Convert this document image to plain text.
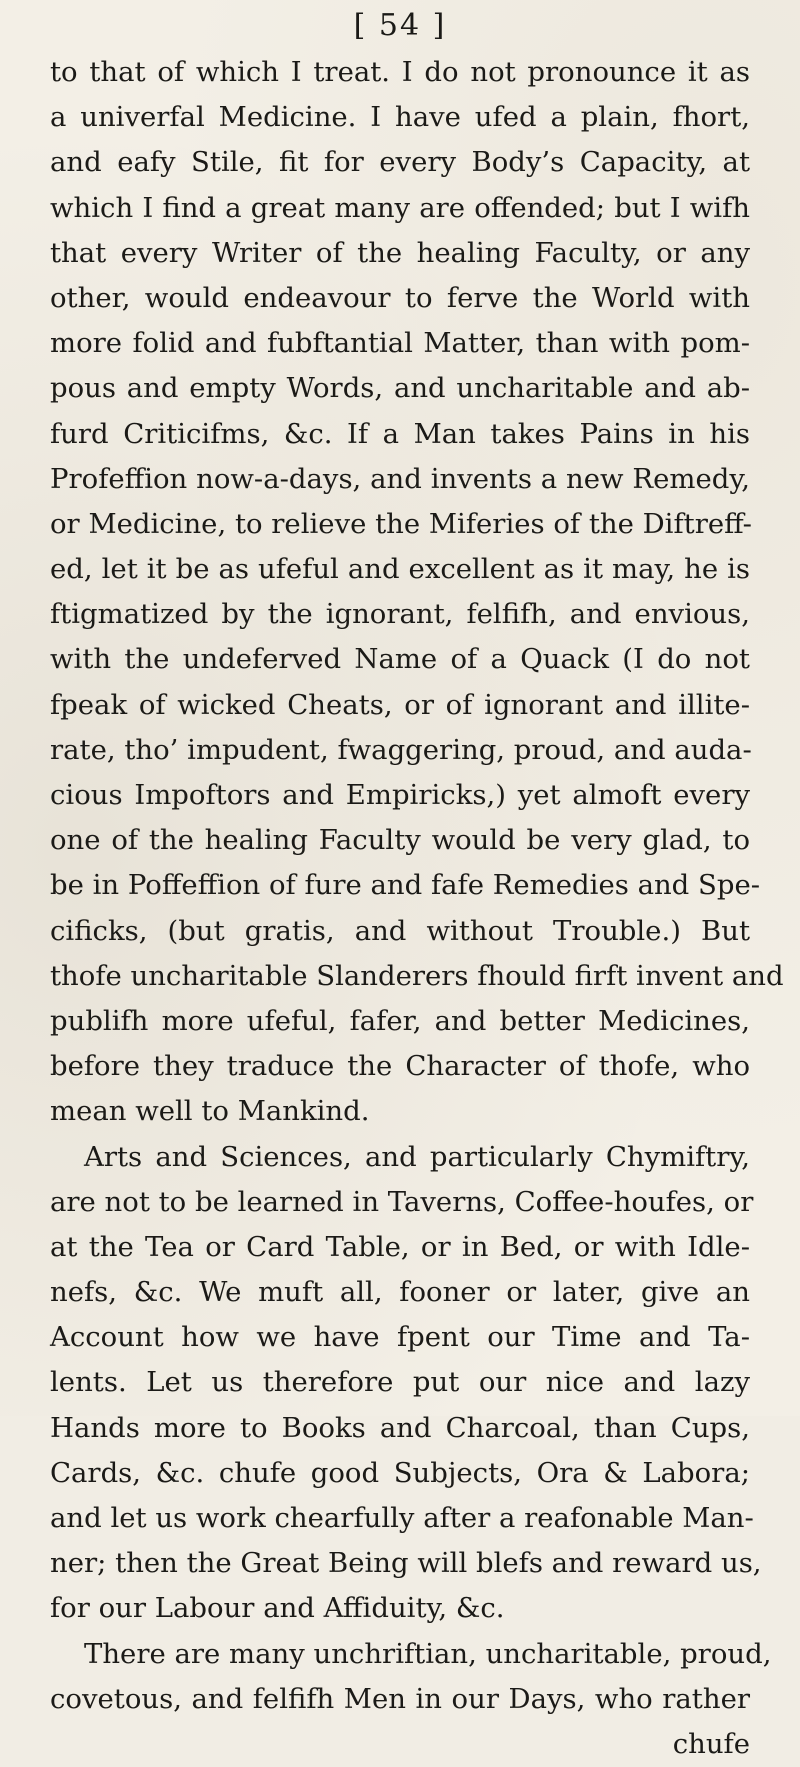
[ 54 ]
to that of which I treat. I do not pronounce it as
a univerfal Medicine. I have ufed a plain, fhort,
and eafy Stile, fit for every Body’s Capacity, at
which I find a great many are offended; but I wifh
that every Writer of the healing Faculty, or any
other, would endeavour to ferve the World with
more folid and fubftantial Matter, than with pom-
pous and empty Words, and uncharitable and ab-
furd Criticifms, &c. If a Man takes Pains in his
Profeffion now-a-days, and invents a new Remedy,
or Medicine, to relieve the Miferies of the Diftreff-
ed, let it be as ufeful and excellent as it may, he is
ftigmatized by the ignorant, felfifh, and envious,
with the undeferved Name of a Quack (I do not
fpeak of wicked Cheats, or of ignorant and illite-
rate, tho’ impudent, fwaggering, proud, and auda-
cious Impoftors and Empiricks,) yet almoft every
one of the healing Faculty would be very glad, to
be in Poffeffion of fure and fafe Remedies and Spe-
cificks, (but gratis, and without Trouble.) But
thofe uncharitable Slanderers fhould firft invent and
publifh more ufeful, fafer, and better Medicines,
before they traduce the Character of thofe, who
mean well to Mankind.
Arts and Sciences, and particularly Chymiftry,
are not to be learned in Taverns, Coffee-houfes, or
at the Tea or Card Table, or in Bed, or with Idle-
nefs, &c. We muft all, fooner or later, give an
Account how we have fpent our Time and Ta-
lents. Let us therefore put our nice and lazy
Hands more to Books and Charcoal, than Cups,
Cards, &c. chufe good Subjects, Ora & Labora;
and let us work chearfully after a reafonable Man-
ner; then the Great Being will blefs and reward us,
for our Labour and Affiduity, &c.
There are many unchriftian, uncharitable, proud,
covetous, and felfifh Men in our Days, who rather
chufe
